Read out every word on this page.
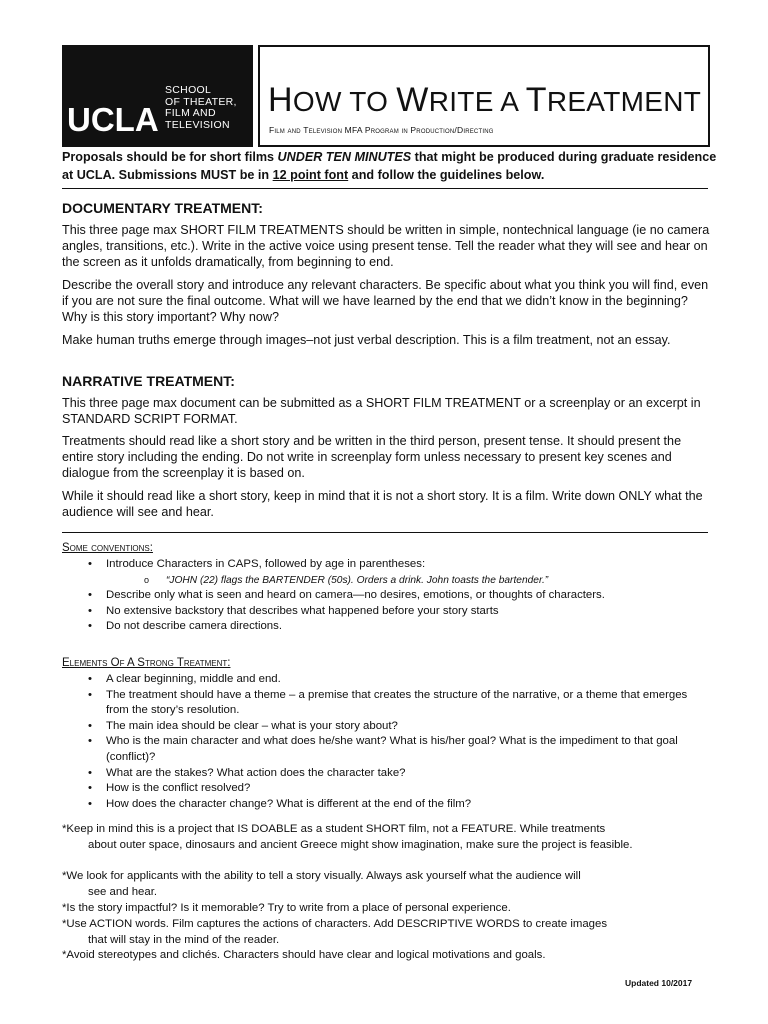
UCLA
SCHOOL
OF THEATER,
FILM AND
TELEVISION
HOW TO WRITE A TREATMENT
Film and Television MFA Program in Production/Directing
Proposals should be for short films UNDER TEN MINUTES that might be produced during graduate residence at UCLA. Submissions MUST be in 12 point font and follow the guidelines below.
DOCUMENTARY TREATMENT:
This three page max SHORT FILM TREATMENTS should be written in simple, nontechnical language (ie no camera angles, transitions, etc.). Write in the active voice using present tense. Tell the reader what they will see and hear on the screen as it unfolds dramatically, from beginning to end.
Describe the overall story and introduce any relevant characters. Be specific about what you think you will find, even if you are not sure the final outcome. What will we have learned by the end that we didn’t know in the beginning? Why is this story important? Why now?
Make human truths emerge through images–not just verbal description. This is a film treatment, not an essay.
NARRATIVE TREATMENT:
This three page max document can be submitted as a SHORT FILM TREATMENT or a screenplay or an excerpt in STANDARD SCRIPT FORMAT.
Treatments should read like a short story and be written in the third person, present tense. It should present the entire story including the ending. Do not write in screenplay form unless necessary to present key scenes and dialogue from the screenplay it is based on.
While it should read like a short story, keep in mind that it is not a short story. It is a film. Write down ONLY what the audience will see and hear.
Some conventions:
• Introduce Characters in CAPS, followed by age in parentheses:
o “JOHN (22) flags the BARTENDER (50s). Orders a drink. John toasts the bartender.”
• Describe only what is seen and heard on camera—no desires, emotions, or thoughts of characters.
• No extensive backstory that describes what happened before your story starts
• Do not describe camera directions.
Elements Of A Strong Treatment:
• A clear beginning, middle and end.
• The treatment should have a theme – a premise that creates the structure of the narrative, or a theme that emerges from the story’s resolution.
• The main idea should be clear – what is your story about?
• Who is the main character and what does he/she want? What is his/her goal? What is the impediment to that goal (conflict)?
• What are the stakes? What action does the character take?
• How is the conflict resolved?
• How does the character change? What is different at the end of the film?
*Keep in mind this is a project that IS DOABLE as a student SHORT film, not a FEATURE. While treatments
about outer space, dinosaurs and ancient Greece might show imagination, make sure the project is feasible.
*We look for applicants with the ability to tell a story visually. Always ask yourself what the audience will
see and hear.
*Is the story impactful? Is it memorable? Try to write from a place of personal experience.
*Use ACTION words. Film captures the actions of characters. Add DESCRIPTIVE WORDS to create images
that will stay in the mind of the reader.
*Avoid stereotypes and clichés. Characters should have clear and logical motivations and goals.
Updated 10/2017
